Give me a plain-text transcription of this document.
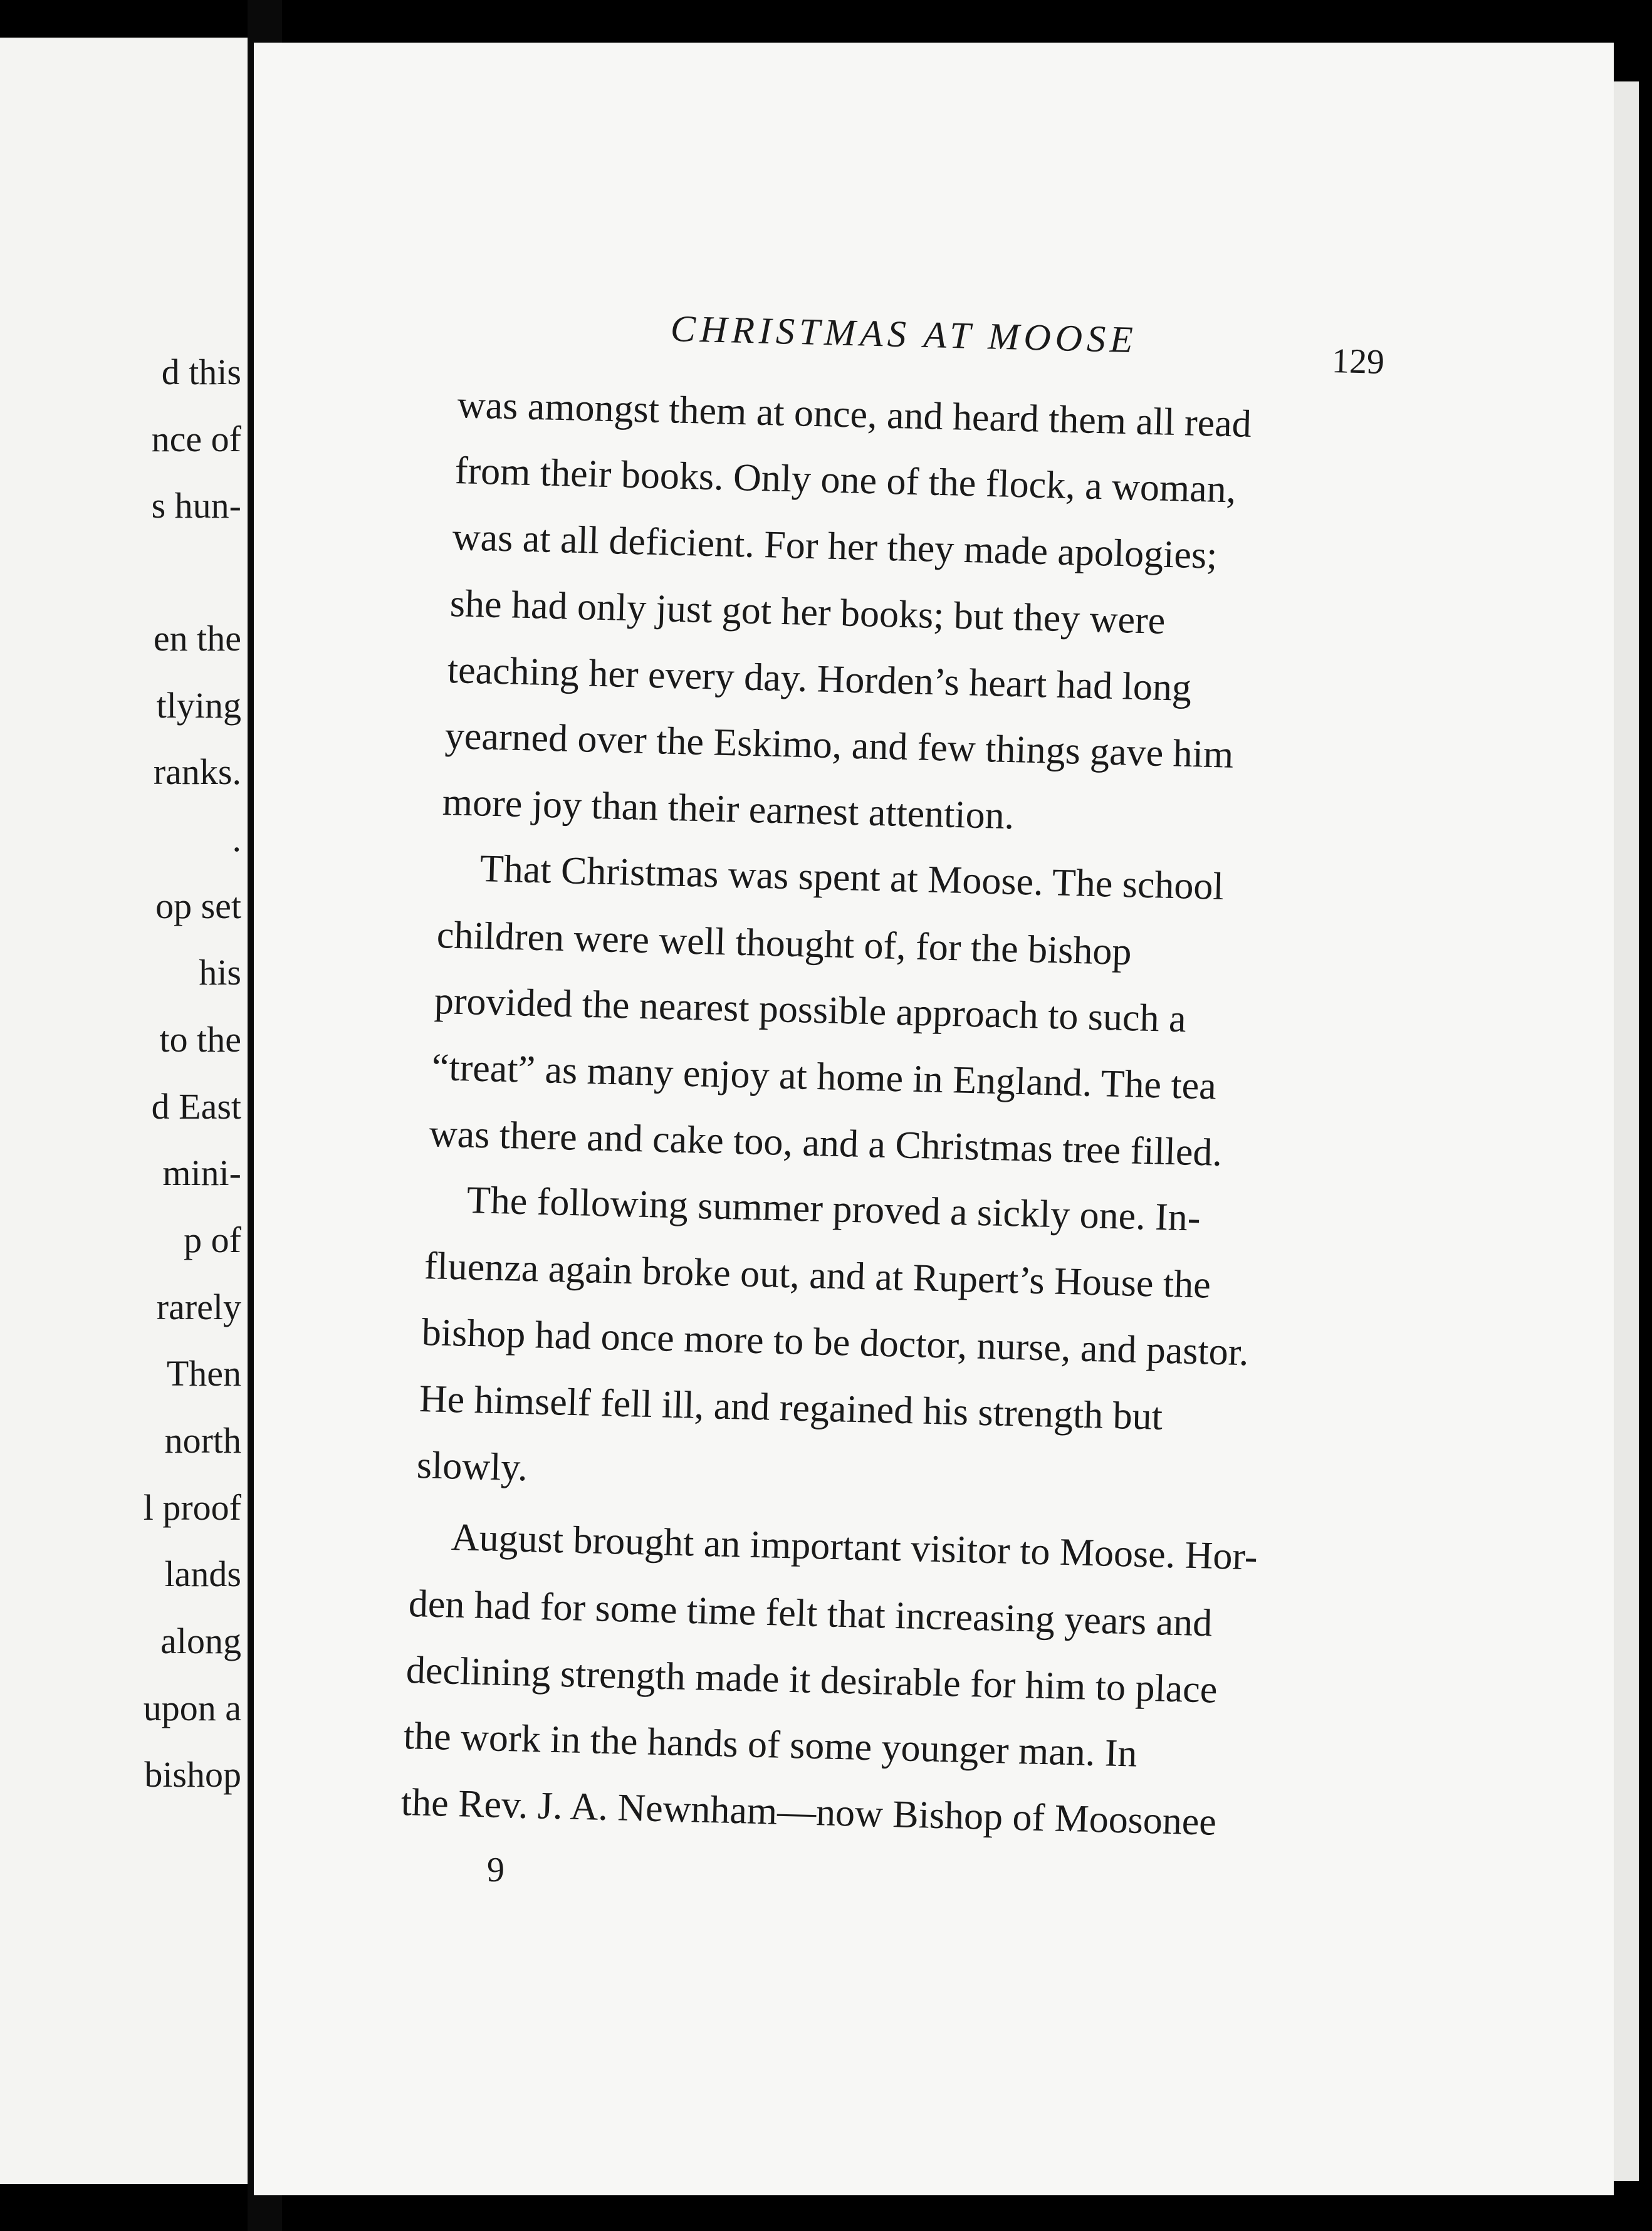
d this
nce of
s hun-
en the
tlying
ranks.
.
op set
his
to the
d East
mini-
p of
rarely
Then
north
l proof
lands
along
upon a
bishop
CHRISTMAS AT MOOSE
129
was amongst them at once, and heard them all read
from their books. Only one of the flock, a woman,
was at all deficient. For her they made apologies;
she had only just got her books; but they were
teaching her every day. Horden’s heart had long
yearned over the Eskimo, and few things gave him
more joy than their earnest attention.
That Christmas was spent at Moose. The school
children were well thought of, for the bishop
provided the nearest possible approach to such a
“treat” as many enjoy at home in England. The tea
was there and cake too, and a Christmas tree filled.
The following summer proved a sickly one. In-
fluenza again broke out, and at Rupert’s House the
bishop had once more to be doctor, nurse, and pastor.
He himself fell ill, and regained his strength but
slowly.
August brought an important visitor to Moose. Hor-
den had for some time felt that increasing years and
declining strength made it desirable for him to place
the work in the hands of some younger man. In
the Rev. J. A. Newnham—now Bishop of Moosonee
9
